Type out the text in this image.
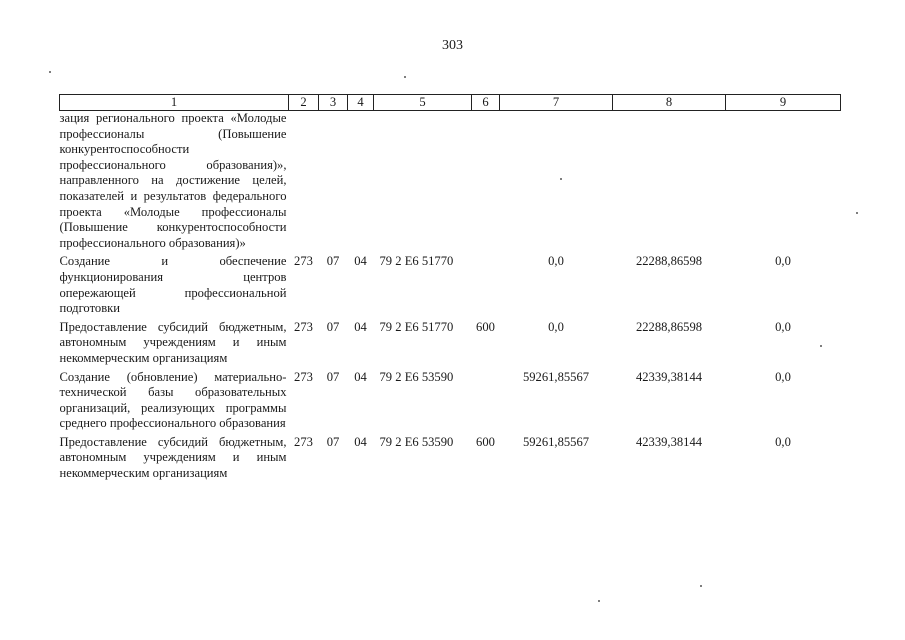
303
1	2	3	4	5	6	7	8	9
зация регионального проекта «Молодые профессионалы (Повышение конкурентоспособности профессионального образования)», направленного на достижение целей, показателей и результатов федерального проекта «Молодые профессионалы (Повышение конкурентоспособности профессионального образования)»								
Создание и обеспечение функционирования центров опережающей профессиональной подготовки	273	07	04	79 2 Е6 51770		0,0	22288,86598	0,0
Предоставление субсидий бюджетным, автономным учреждениям и иным некоммерческим организациям	273	07	04	79 2 Е6 51770	600	0,0	22288,86598	0,0
Создание (обновление) материально-технической базы образовательных организаций, реализующих программы среднего профессионального образования	273	07	04	79 2 Е6 53590		59261,85567	42339,38144	0,0
Предоставление субсидий бюджетным, автономным учреждениям и иным некоммерческим организациям	273	07	04	79 2 Е6 53590	600	59261,85567	42339,38144	0,0
